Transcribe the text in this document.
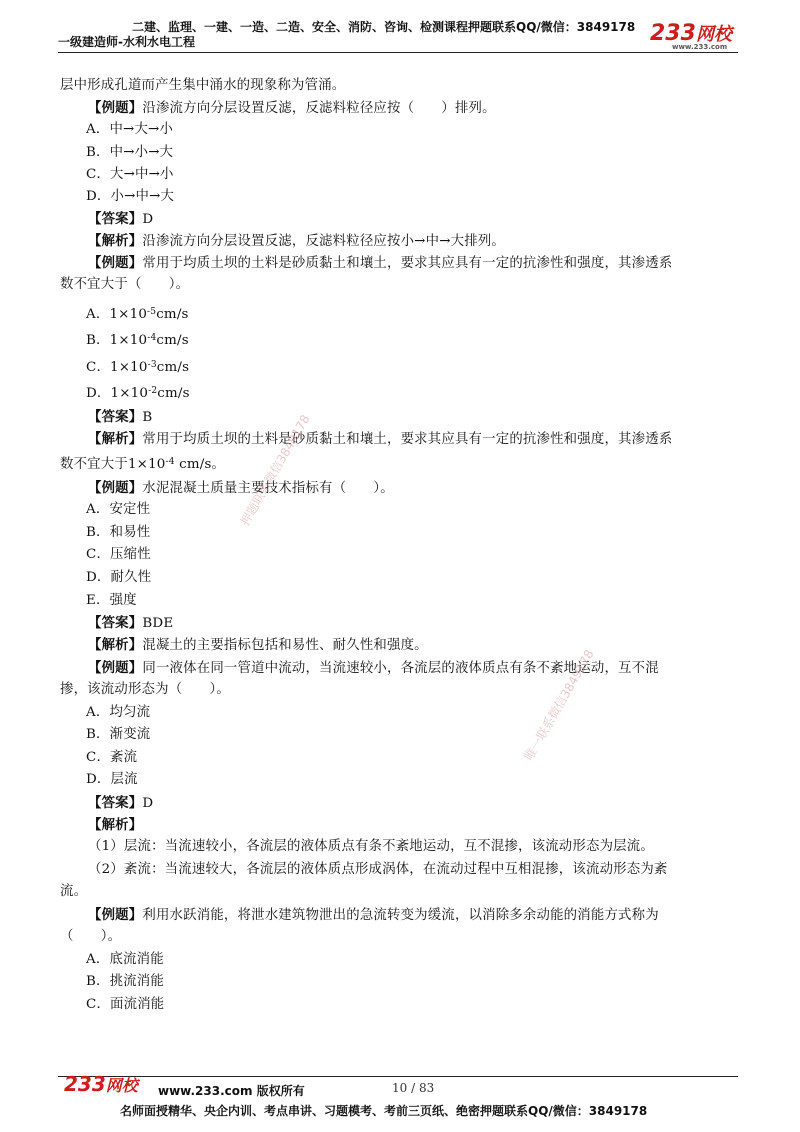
二建、监理、一建、一造、二造、安全、消防、咨询、检测课程押题联系QQ/微信：3849178
一级建造师-水利水电工程	233网校
www.233.com
层中形成孔道而产生集中涌水的现象称为管涌。
【例题】沿渗流方向分层设置反滤，反滤料粒径应按（　　）排列。
A．中→大→小
B．中→小→大
C．大→中→小
D．小→中→大
【答案】D
【解析】沿渗流方向分层设置反滤，反滤料粒径应按小→中→大排列。
【例题】常用于均质土坝的土料是砂质黏土和壤土，要求其应具有一定的抗渗性和强度，其渗透系
数不宜大于（　　）。
A．$1\times 10^{-5}cm/s$
B．$1\times 10^{-4}cm/s$
C．$1\times 10^{-3}cm/s$
D．$1\times 10^{-2}cm/s$
【答案】B
【解析】常用于均质土坝的土料是砂质黏土和壤土，要求其应具有一定的抗渗性和强度，其渗透系
数不宜大于$1\times 10^{-4}$ cm/s。
【例题】水泥混凝土质量主要技术指标有（　　）。
A．安定性
B．和易性
C．压缩性
D．耐久性
E．强度
【答案】BDE
【解析】混凝土的主要指标包括和易性、耐久性和强度。
【例题】同一液体在同一管道中流动，当流速较小，各流层的液体质点有条不紊地运动，互不混
掺，该流动形态为（　　）。
A．均匀流
B．渐变流
C．紊流
D．层流
【答案】D
【解析】
（1）层流：当流速较小，各流层的液体质点有条不紊地运动，互不混掺，该流动形态为层流。
（2）紊流：当流速较大，各流层的液体质点形成涡体，在流动过程中互相混掺，该流动形态为紊
流。
【例题】利用水跃消能，将泄水建筑物泄出的急流转变为缓流，以消除多余动能的消能方式称为
（　　）。
A．底流消能
B．挑流消能
C．面流消能
押题联系微信3849178
唯一联系微信3849178
233网校 www.233.com 版权所有	10 / 83
名师面授精华、央企内训、考点串讲、习题模考、考前三页纸、绝密押题联系QQ/微信：3849178
